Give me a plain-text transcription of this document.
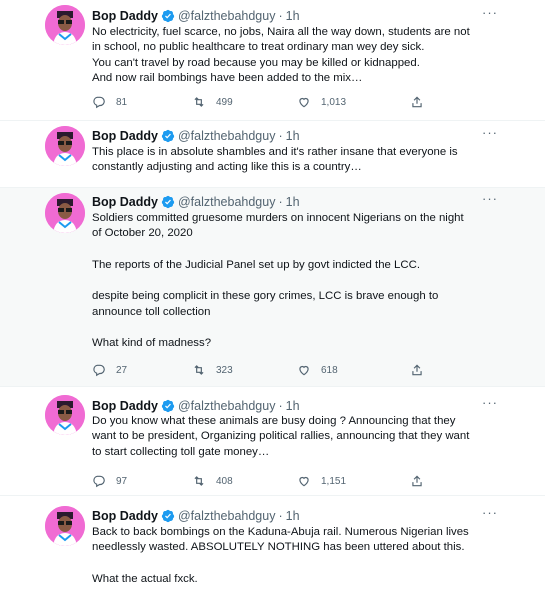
Bop Daddy @falzthebahdguy · 1h	···

No electricity, fuel scarce, no jobs, Naira all the way down, students are not

in school, no public healthcare to treat ordinary man wey dey sick.

You can't travel by road because you may be killed or kidnapped.

And now rail bombings have been added to the mix…

81	499	1,013
Bop Daddy @falzthebahdguy · 1h	···

This place is in absolute shambles and it's rather insane that everyone is

constantly adjusting and acting like this is a country…

Bop Daddy @falzthebahdguy · 1h	···

Soldiers committed gruesome murders on innocent Nigerians on the night

of October 20, 2020

The reports of the Judicial Panel set up by govt indicted the LCC.

despite being complicit in these gory crimes, LCC is brave enough to

announce toll collection

What kind of madness?

27	323	618
Bop Daddy @falzthebahdguy · 1h	···

Do you know what these animals are busy doing ? Announcing that they

want to be president, Organizing political rallies, announcing that they want

to start collecting toll gate money…

97	408	1,151
Bop Daddy @falzthebahdguy · 1h	···

Back to back bombings on the Kaduna-Abuja rail. Numerous Nigerian lives

needlessly wasted. ABSOLUTELY NOTHING has been uttered about this.

What the actual fxck.
